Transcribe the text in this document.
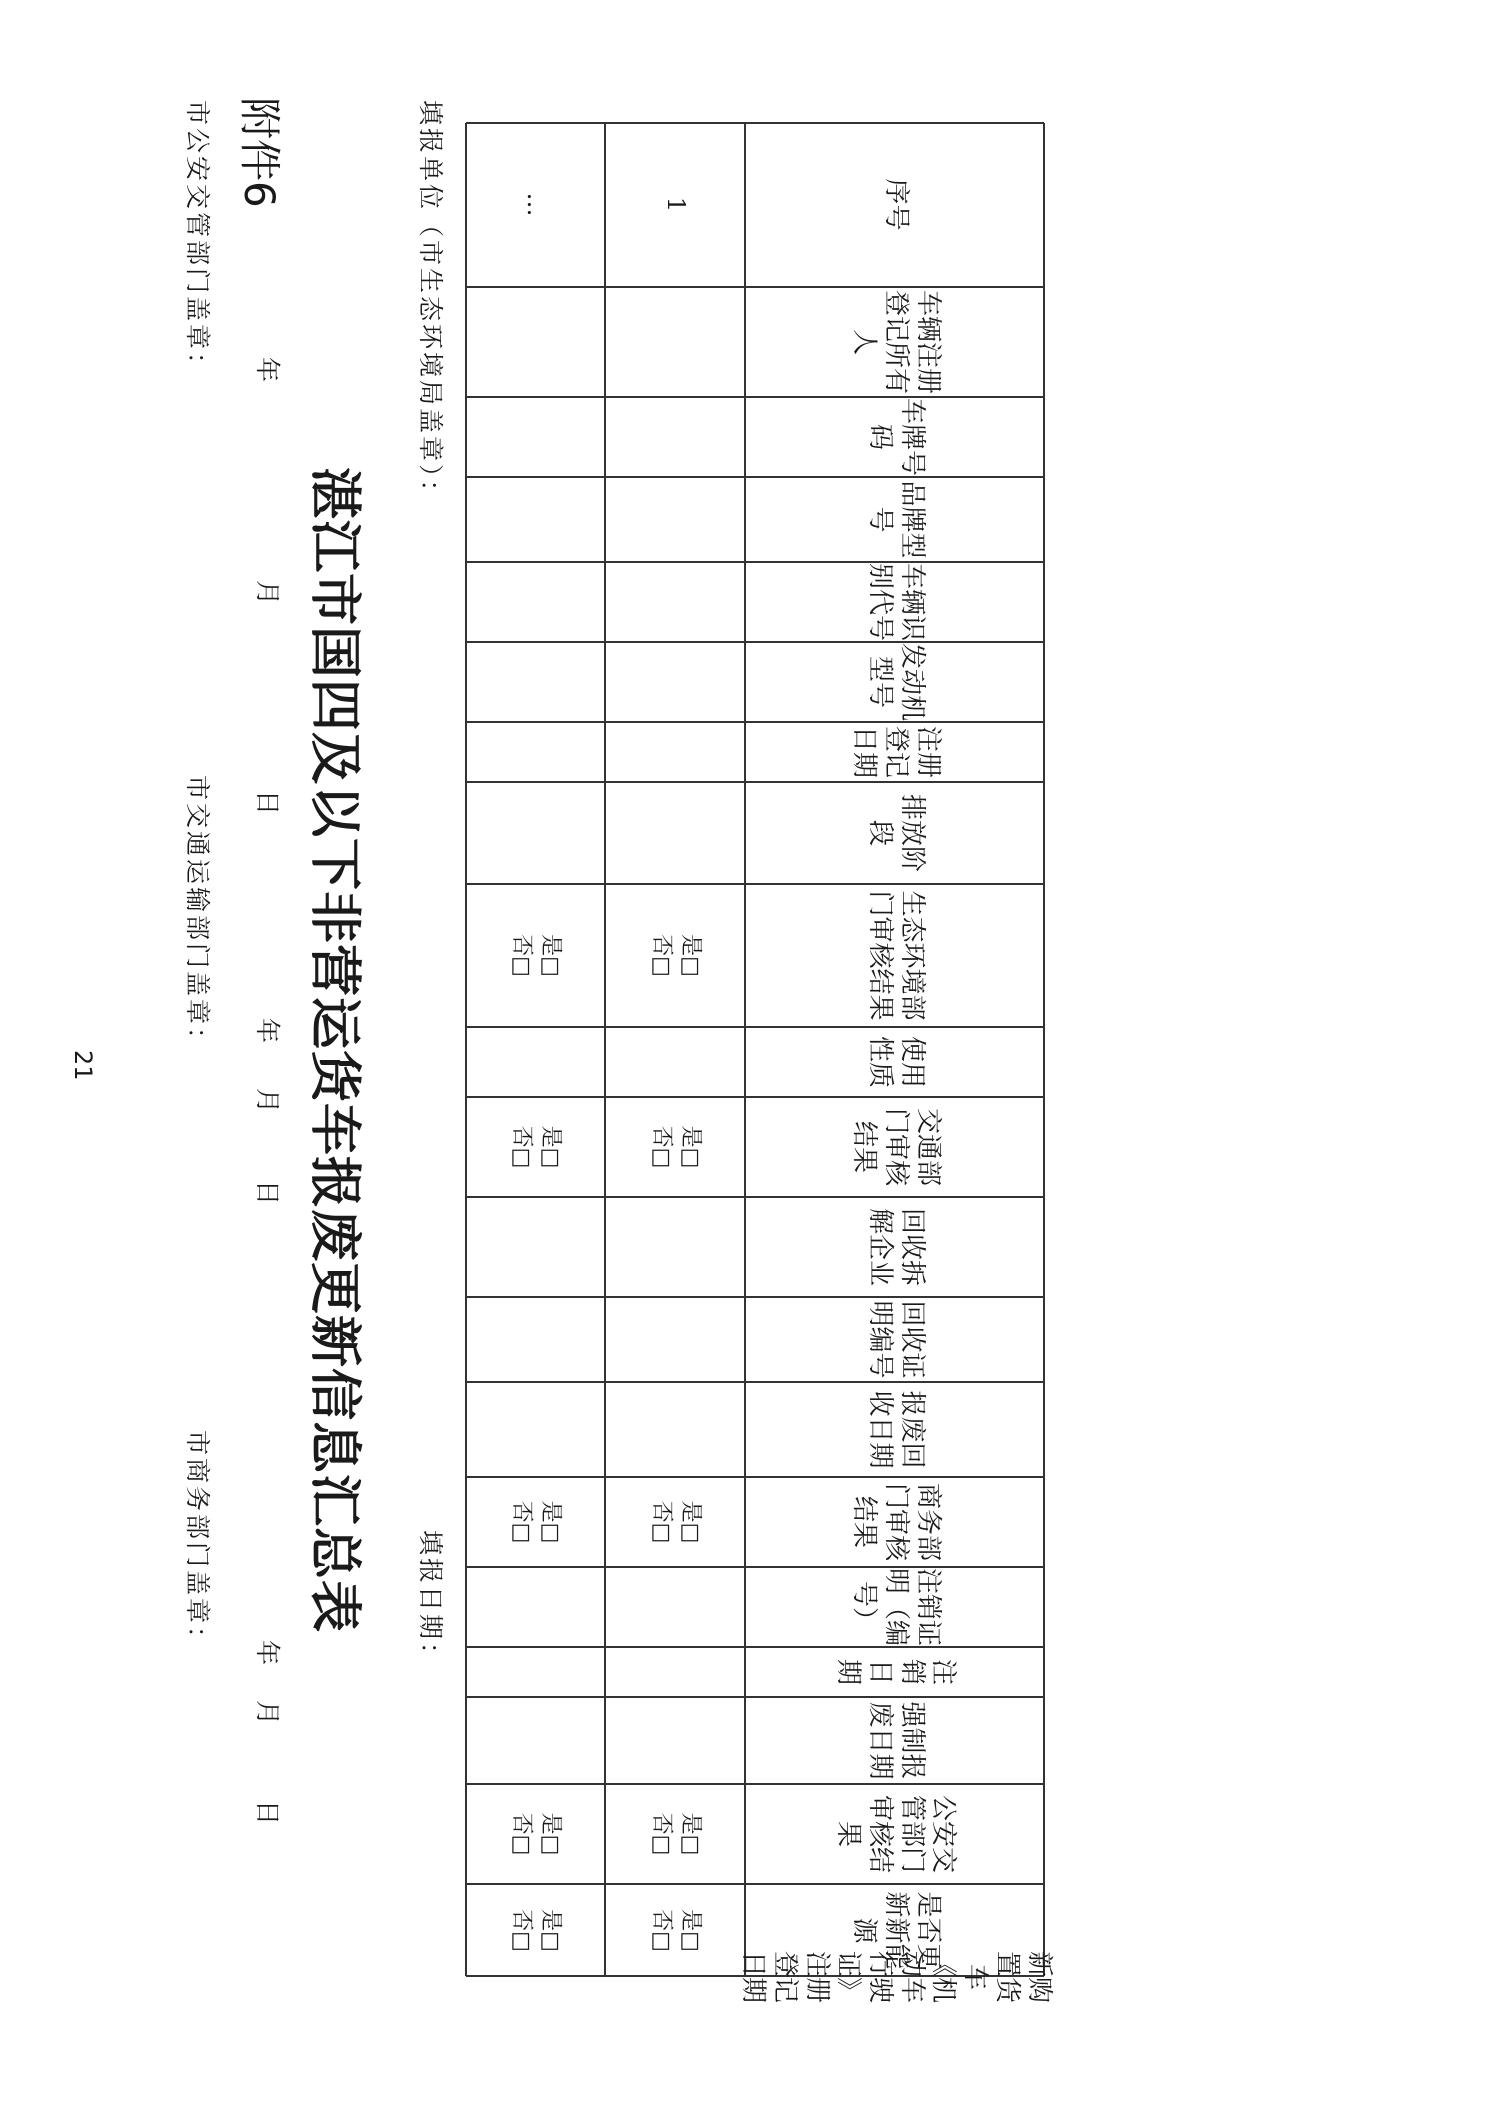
附件6
湛江市国四及以下非营运货车报废更新信息汇总表
填报单位（市生态环境局盖章）：
填报日期：
序号
车辆注册登记所有人
车牌号码
品牌型号
车辆识别代号
发动机型号
注册登记日期
排放阶段
生态环境部门审核结果
使用性质
交通部门审核结果
回收拆解企业
回收证明编号
报废回收日期
商务部门审核结果
注销证明（编号）
注销日期
强制报废日期
公安交管部门审核结果
是否更新新能源
新购置货车《机动车行驶证》注册登记日期
1
是□
否□
是□
否□
是□
否□
是□
否□
是□
否□
…
是□
否□
是□
否□
是□
否□
是□
否□
是□
否□
市公安交管部门盖章： 年
月
日
市交通运输部门盖章： 年
月
日
市商务部门盖章： 年
月
日
21
